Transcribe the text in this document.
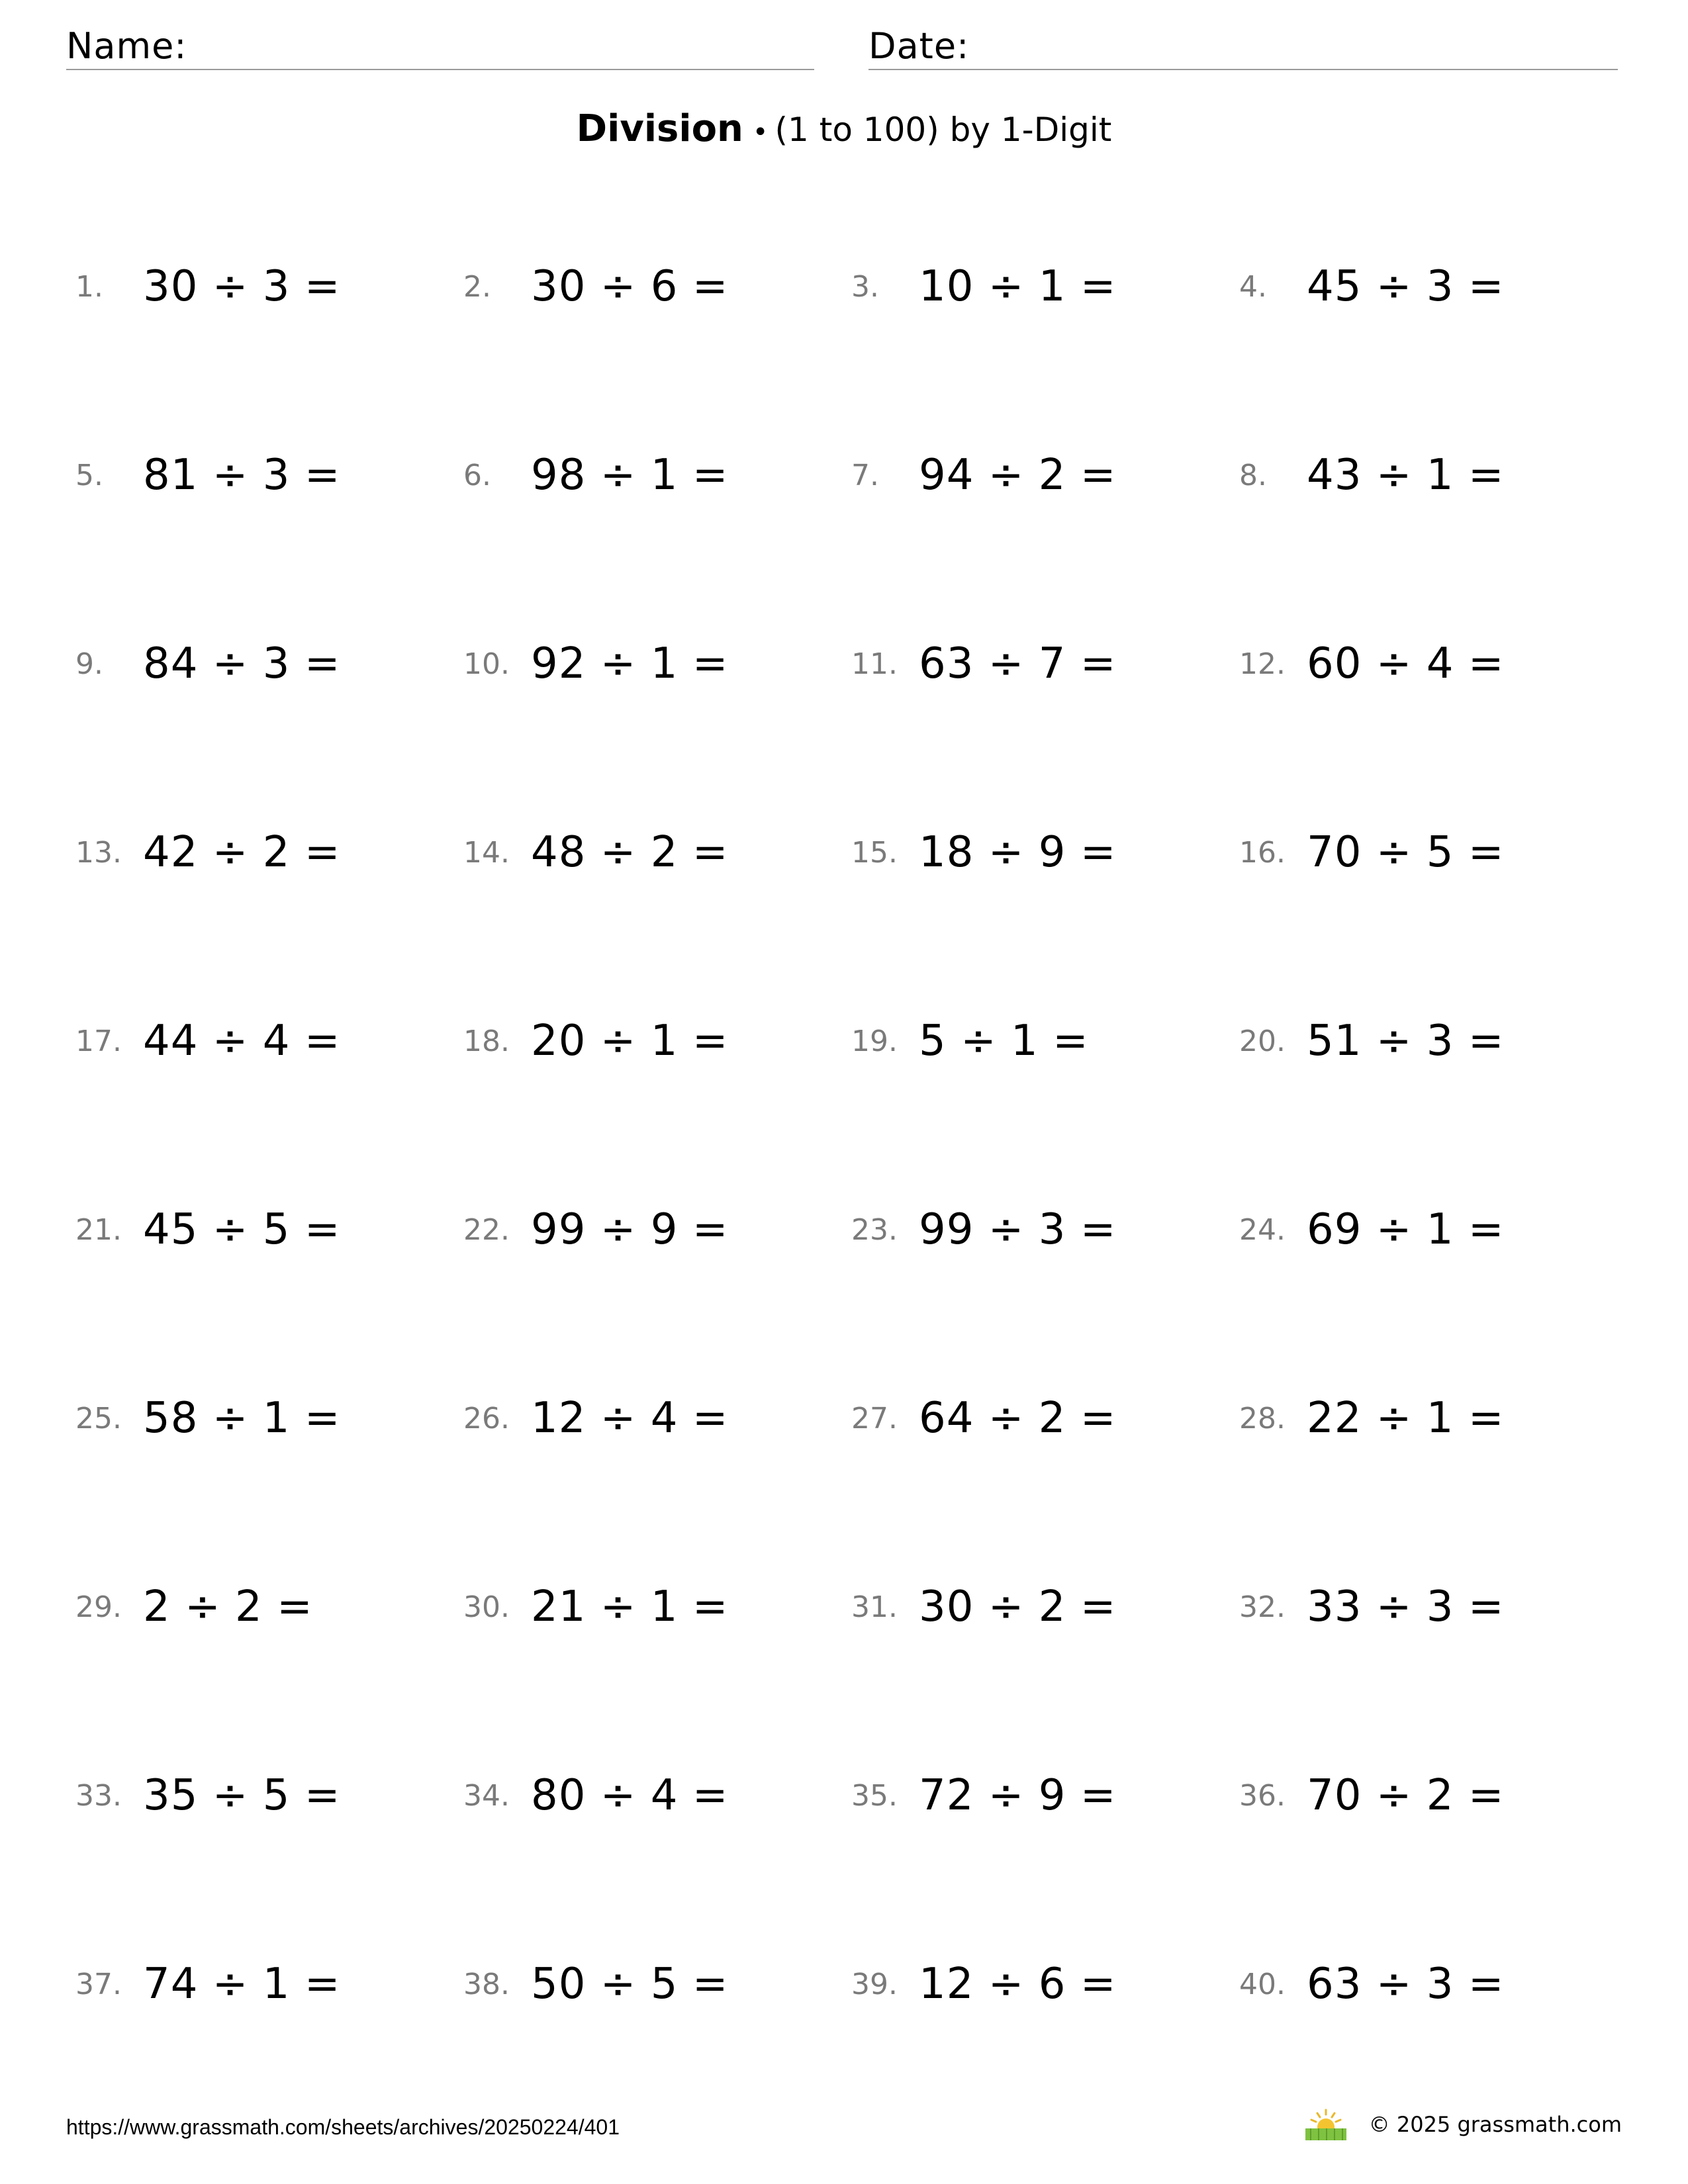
Name:	Date:
Division • (1 to 100) by 1-Digit
1. 30 ÷ 3 =	2. 30 ÷ 6 =	3. 10 ÷ 1 =	4. 45 ÷ 3 =
5. 81 ÷ 3 =	6. 98 ÷ 1 =	7. 94 ÷ 2 =	8. 43 ÷ 1 =
9. 84 ÷ 3 =	10. 92 ÷ 1 =	11. 63 ÷ 7 =	12. 60 ÷ 4 =
13. 42 ÷ 2 =	14. 48 ÷ 2 =	15. 18 ÷ 9 =	16. 70 ÷ 5 =
17. 44 ÷ 4 =	18. 20 ÷ 1 =	19. 5 ÷ 1 =	20. 51 ÷ 3 =
21. 45 ÷ 5 =	22. 99 ÷ 9 =	23. 99 ÷ 3 =	24. 69 ÷ 1 =
25. 58 ÷ 1 =	26. 12 ÷ 4 =	27. 64 ÷ 2 =	28. 22 ÷ 1 =
29. 2 ÷ 2 =	30. 21 ÷ 1 =	31. 30 ÷ 2 =	32. 33 ÷ 3 =
33. 35 ÷ 5 =	34. 80 ÷ 4 =	35. 72 ÷ 9 =	36. 70 ÷ 2 =
37. 74 ÷ 1 =	38. 50 ÷ 5 =	39. 12 ÷ 6 =	40. 63 ÷ 3 =
https://www.grassmath.com/sheets/archives/20250224/401	© 2025 grassmath.com
